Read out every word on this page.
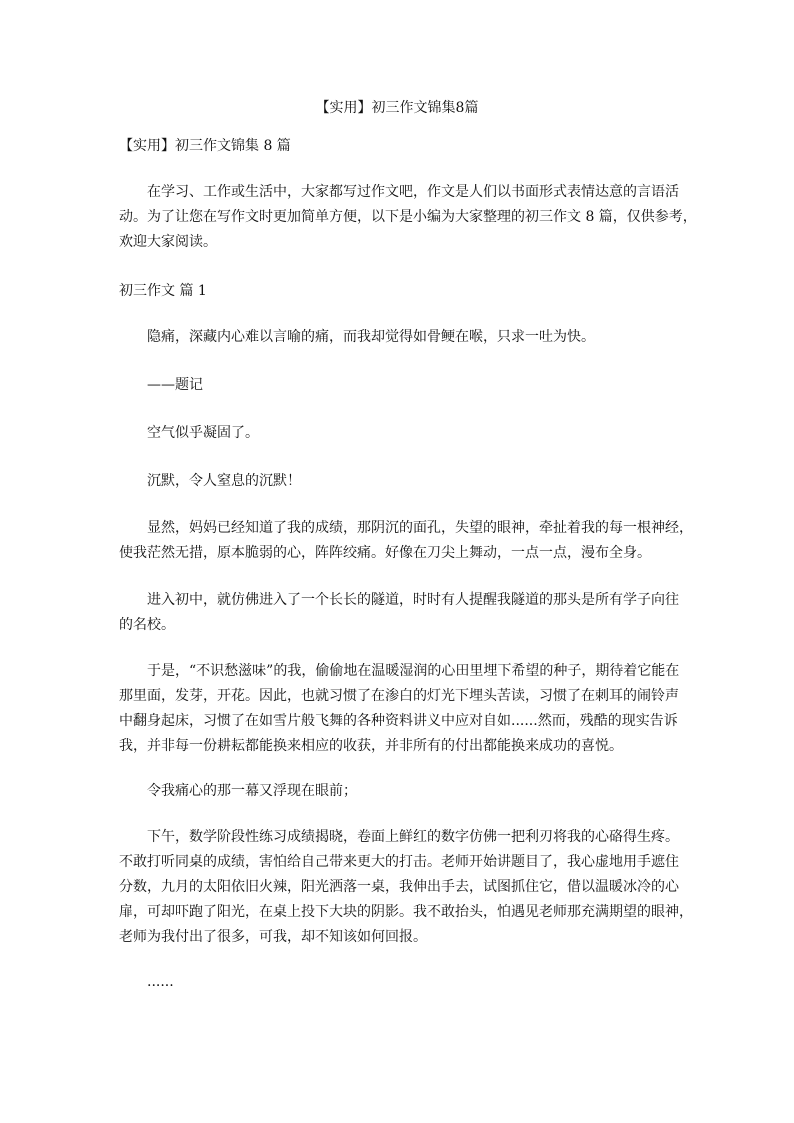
【实用】初三作文锦集8篇

【实用】初三作文锦集 8 篇

在学习、工作或生活中，大家都写过作文吧，作文是人们以书面形式表情达意的言语活
动。为了让您在写作文时更加简单方便，以下是小编为大家整理的初三作文 8 篇，仅供参考，
欢迎大家阅读。

初三作文 篇 1

隐痛，深藏内心难以言喻的痛，而我却觉得如骨鲠在喉，只求一吐为快。

——题记

空气似乎凝固了。

沉默，令人窒息的沉默！

显然，妈妈已经知道了我的成绩，那阴沉的面孔，失望的眼神，牵扯着我的每一根神经，
使我茫然无措，原本脆弱的心，阵阵绞痛。好像在刀尖上舞动，一点一点，漫布全身。
进入初中，就仿佛进入了一个长长的隧道，时时有人提醒我隧道的那头是所有学子向往
的名校。
于是，“不识愁滋味”的我，偷偷地在温暖湿润的心田里埋下希望的种子，期待着它能在
那里面，发芽，开花。因此，也就习惯了在渗白的灯光下埋头苦读，习惯了在刺耳的闹铃声
中翻身起床，习惯了在如雪片般飞舞的各种资料讲义中应对自如......然而，残酷的现实告诉
我，并非每一份耕耘都能换来相应的收获，并非所有的付出都能换来成功的喜悦。

令我痛心的那一幕又浮现在眼前；

下午，数学阶段性练习成绩揭晓，卷面上鲜红的数字仿佛一把利刃将我的心硌得生疼。
不敢打听同桌的成绩，害怕给自己带来更大的打击。老师开始讲题目了，我心虚地用手遮住
分数，九月的太阳依旧火辣，阳光洒落一桌，我伸出手去，试图抓住它，借以温暖冰冷的心
扉，可却吓跑了阳光，在桌上投下大块的阴影。我不敢抬头，怕遇见老师那充满期望的眼神，
老师为我付出了很多，可我，却不知该如何回报。
......
